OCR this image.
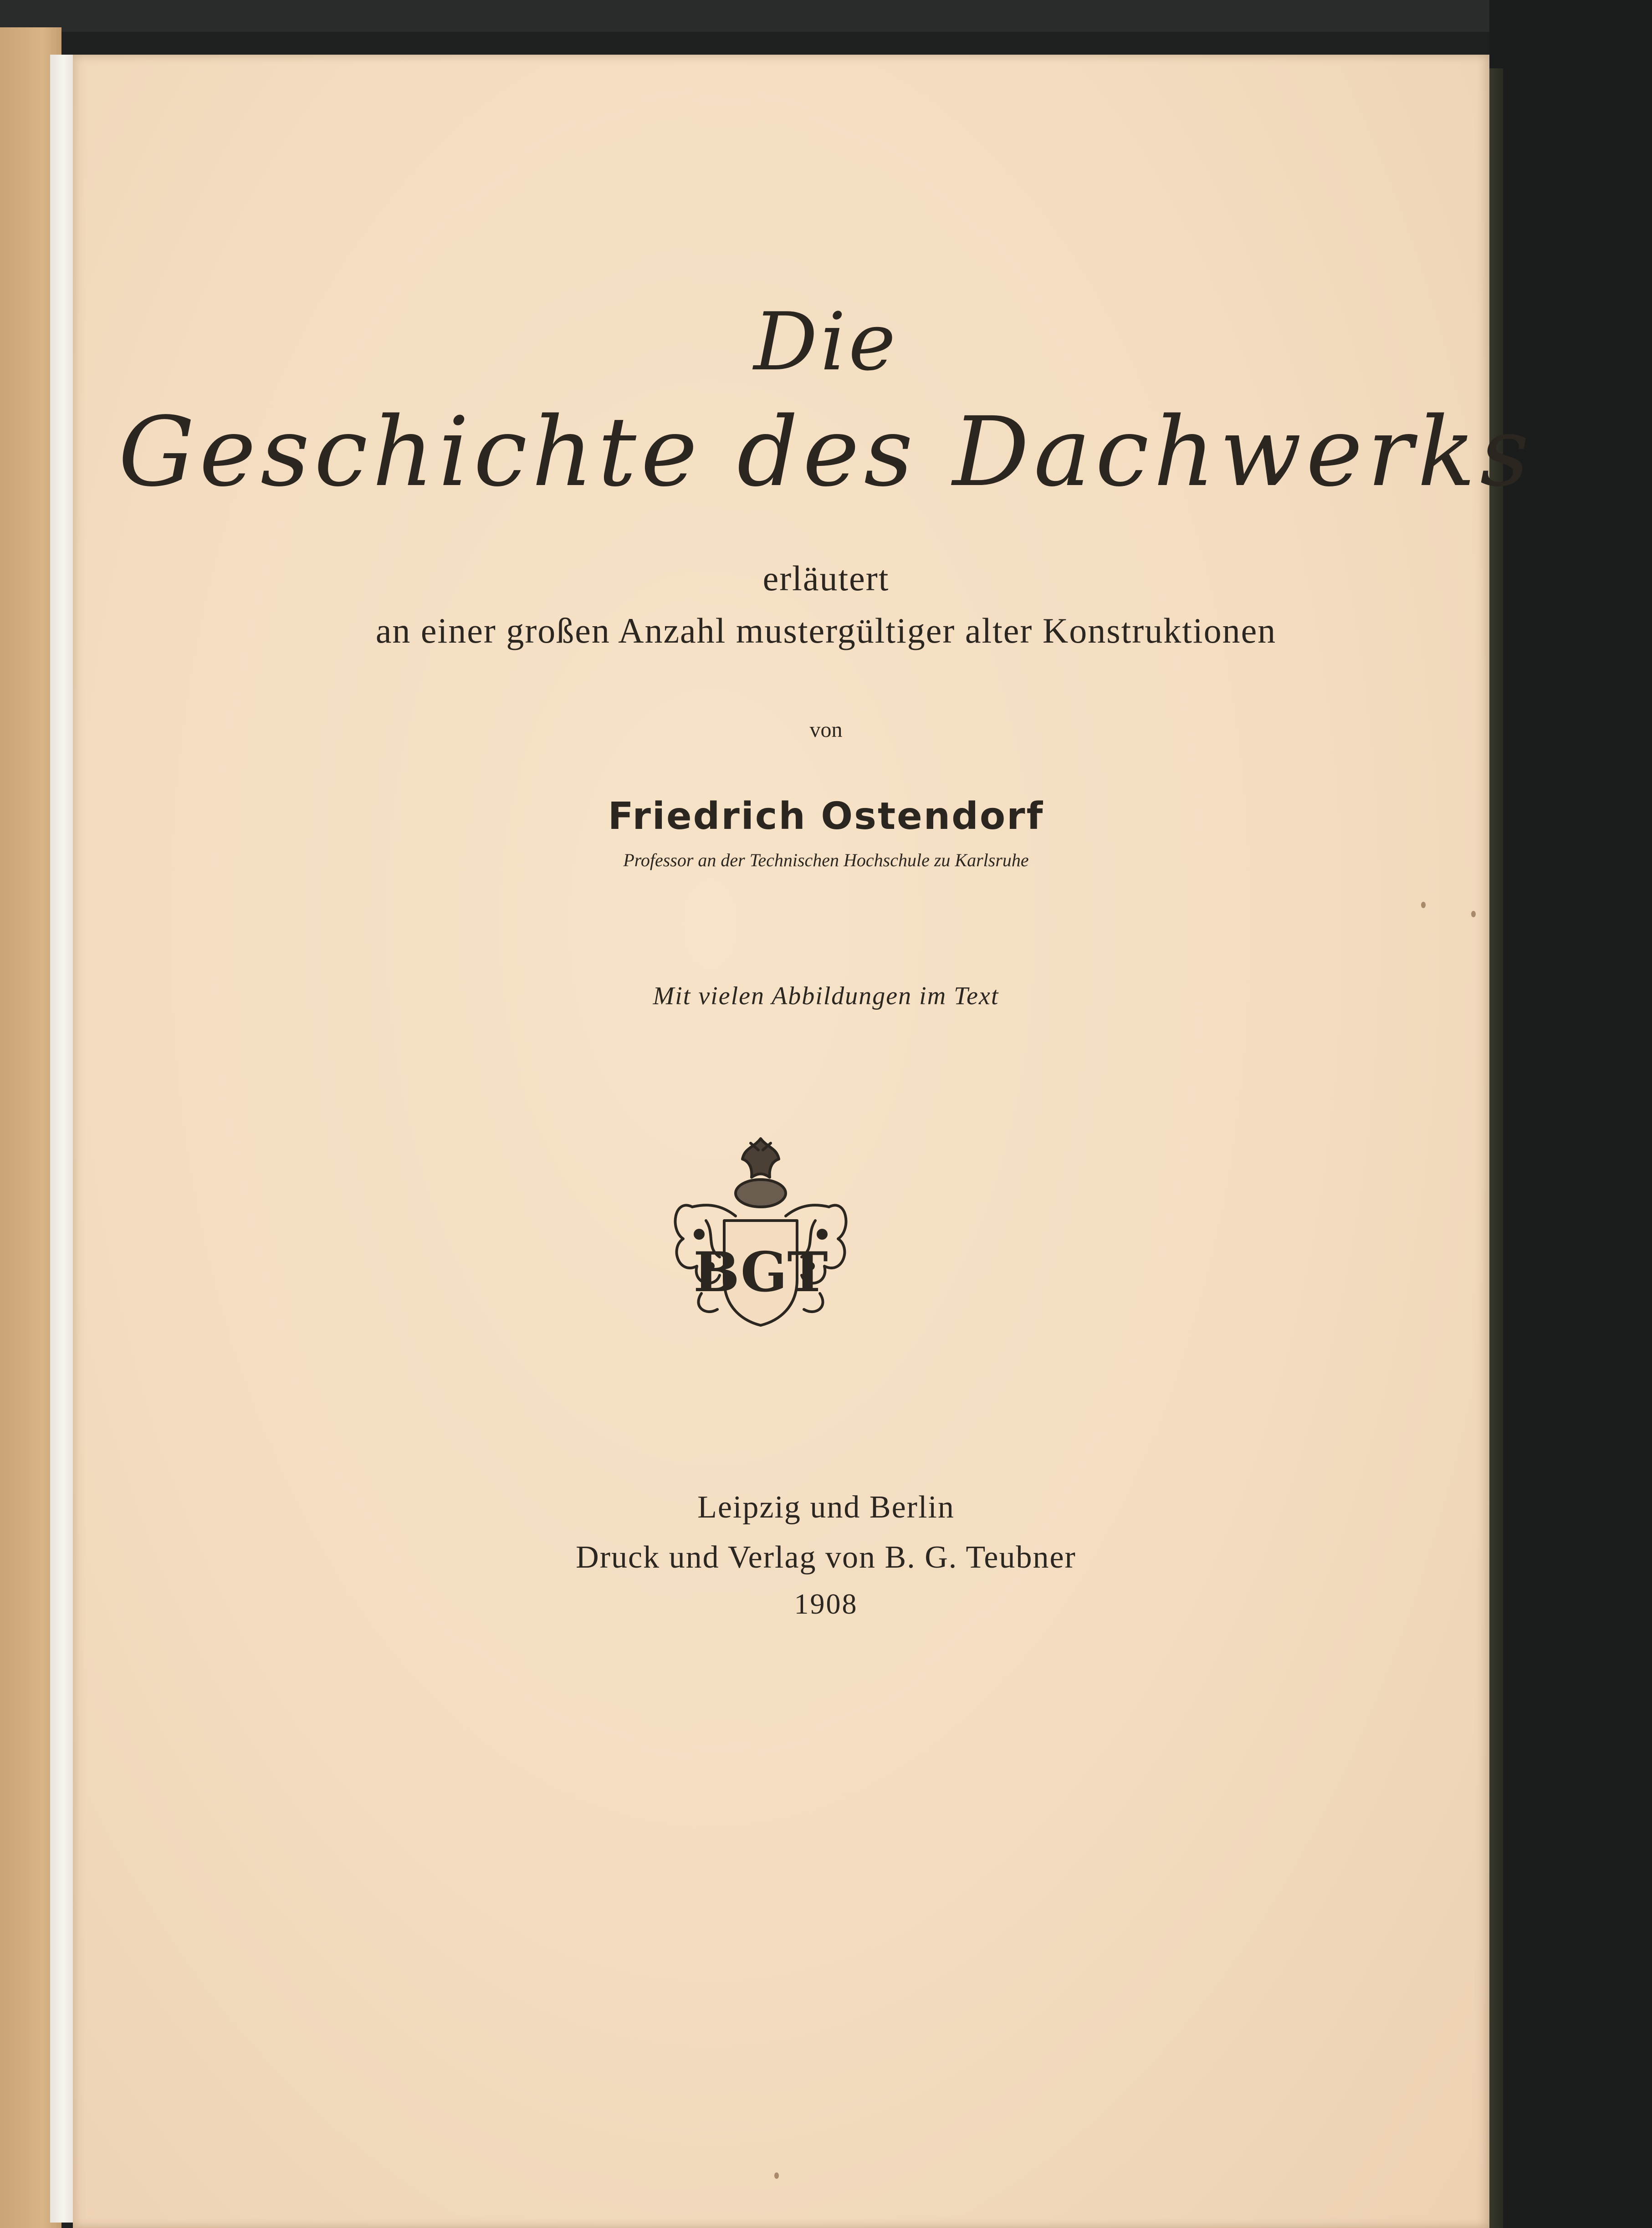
Die
Geschichte des Dachwerks
erläutert
an einer großen Anzahl mustergültiger alter Konstruktionen
von
Friedrich Ostendorf
Professor an der Technischen Hochschule zu Karlsruhe
Mit vielen Abbildungen im Text
BGT
Leipzig und Berlin
Druck und Verlag von B. G. Teubner
1908
